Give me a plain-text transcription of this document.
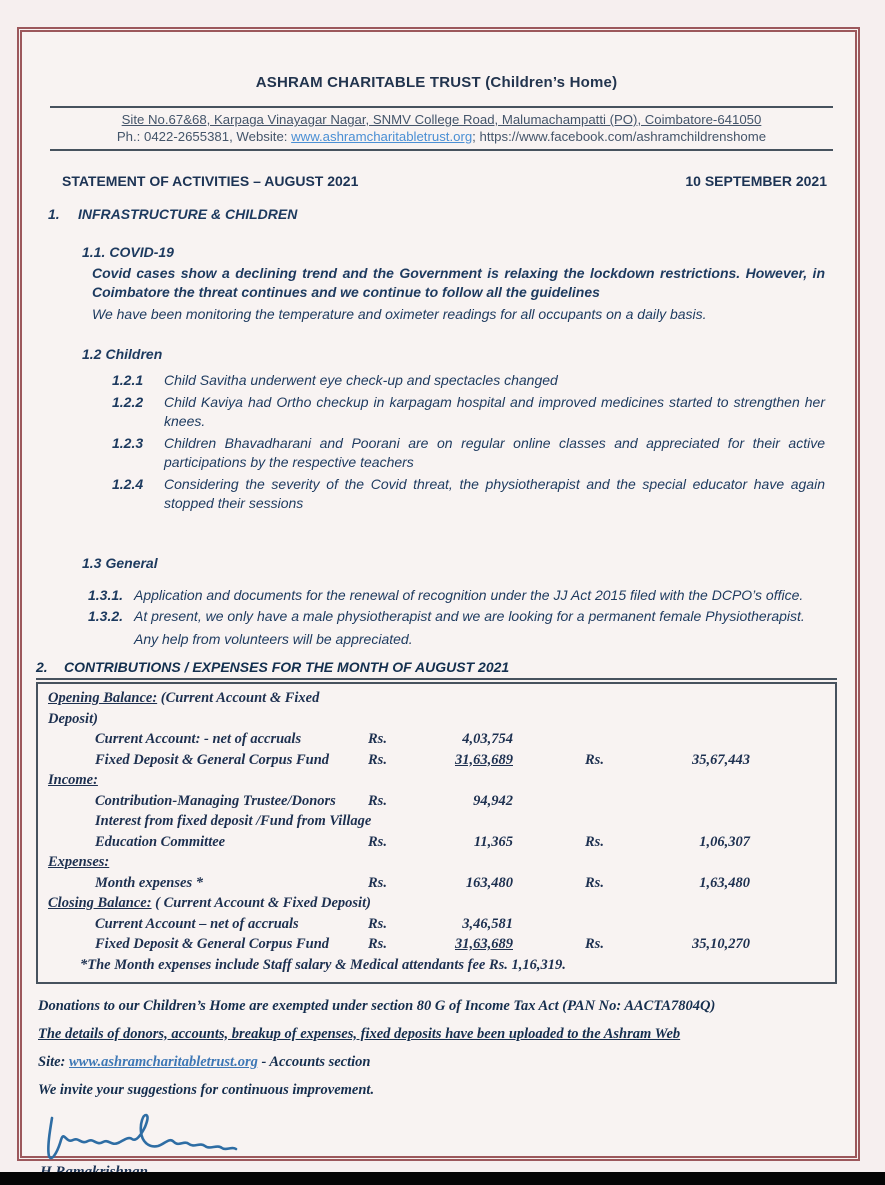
ASHRAM CHARITABLE TRUST (Children’s Home)
Site No.67&68, Karpaga Vinayagar Nagar, SNMV College Road, Malumachampatti (PO), Coimbatore-641050
Ph.: 0422-2655381, Website: www.ashramcharitabletrust.org; https://www.facebook.com/ashramchildrenshome
STATEMENT OF ACTIVITIES – AUGUST 2021	10 SEPTEMBER 2021
1.	INFRASTRUCTURE & CHILDREN
1.1. COVID-19
Covid cases show a declining trend and the Government is relaxing the lockdown restrictions. However, in Coimbatore the threat continues and we continue to follow all the guidelines
We have been monitoring the temperature and oximeter readings for all occupants on a daily basis.
1.2 Children
1.2.1	Child Savitha underwent eye check-up and spectacles changed
1.2.2	Child Kaviya had Ortho checkup in karpagam hospital and improved medicines started to strengthen her knees.
1.2.3	Children Bhavadharani and Poorani are on regular online classes and appreciated for their active participations by the respective teachers
1.2.4	Considering the severity of the Covid threat, the physiotherapist and the special educator have again stopped their sessions
1.3 General
1.3.1. Application and documents for the renewal of recognition under the JJ Act 2015 filed with the DCPO’s office.
1.3.2. At present, we only have a male physiotherapist and we are looking for a permanent female Physiotherapist.
Any help from volunteers will be appreciated.
2.	CONTRIBUTIONS / EXPENSES FOR THE MONTH OF AUGUST 2021
Opening Balance: (Current Account & Fixed Deposit)
Current Account: - net of accruals	Rs.	4,03,754
Fixed Deposit & General Corpus Fund	Rs.	31,63,689	Rs.	35,67,443
Income:
Contribution-Managing Trustee/Donors	Rs.	94,942
Interest from fixed deposit /Fund from Village
Education Committee	Rs.	11,365	Rs.	1,06,307
Expenses:
Month expenses *	Rs.	163,480	Rs.	1,63,480
Closing Balance: ( Current Account & Fixed Deposit)
Current Account – net of accruals	Rs.	3,46,581
Fixed Deposit & General Corpus Fund	Rs.	31,63,689	Rs.	35,10,270
*The Month expenses include Staff salary & Medical attendants fee Rs. 1,16,319.
Donations to our Children’s Home are exempted under section 80 G of Income Tax Act (PAN No: AACTA7804Q)
The details of donors, accounts, breakup of expenses, fixed deposits have been uploaded to the Ashram Web
Site: www.ashramcharitabletrust.org - Accounts section
We invite your suggestions for continuous improvement.
